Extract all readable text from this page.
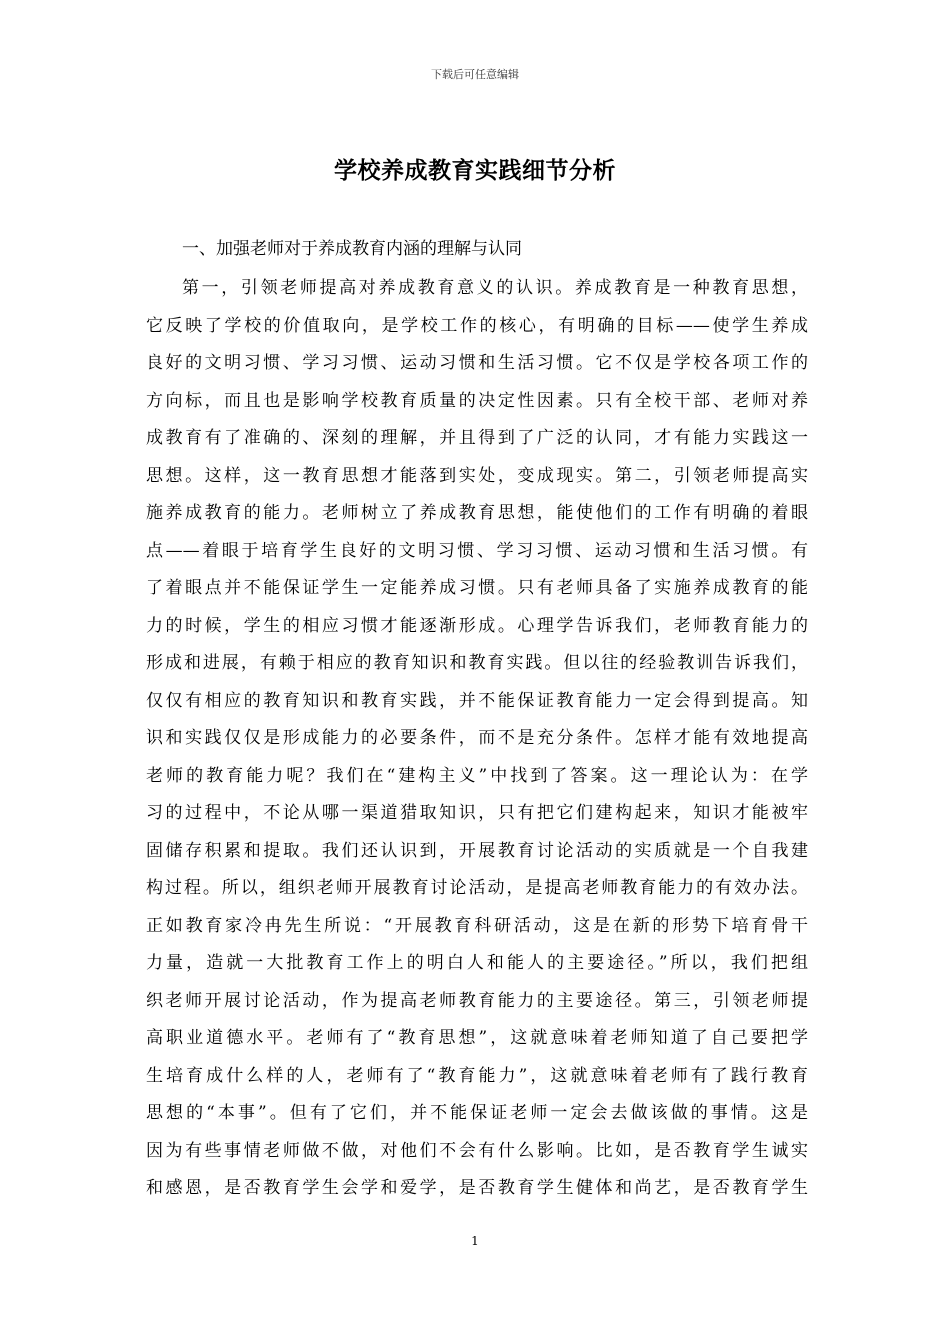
下载后可任意编辑
学校养成教育实践细节分析
一、加强老师对于养成教育内涵的理解与认同
第一，引领老师提高对养成教育意义的认识。养成教育是一种教育思想，
它反映了学校的价值取向，是学校工作的核心，有明确的目标——使学生养成
良好的文明习惯、学习习惯、运动习惯和生活习惯。它不仅是学校各项工作的
方向标，而且也是影响学校教育质量的决定性因素。只有全校干部、老师对养
成教育有了准确的、深刻的理解，并且得到了广泛的认同，才有能力实践这一
思想。这样，这一教育思想才能落到实处，变成现实。第二，引领老师提高实
施养成教育的能力。老师树立了养成教育思想，能使他们的工作有明确的着眼
点——着眼于培育学生良好的文明习惯、学习习惯、运动习惯和生活习惯。有
了着眼点并不能保证学生一定能养成习惯。只有老师具备了实施养成教育的能
力的时候，学生的相应习惯才能逐渐形成。心理学告诉我们，老师教育能力的
形成和进展，有赖于相应的教育知识和教育实践。但以往的经验教训告诉我们，
仅仅有相应的教育知识和教育实践，并不能保证教育能力一定会得到提高。知
识和实践仅仅是形成能力的必要条件，而不是充分条件。怎样才能有效地提高
老师的教育能力呢？我们在“建构主义”中找到了答案。这一理论认为：在学
习的过程中，不论从哪一渠道猎取知识，只有把它们建构起来，知识才能被牢
固储存积累和提取。我们还认识到，开展教育讨论活动的实质就是一个自我建
构过程。所以，组织老师开展教育讨论活动，是提高老师教育能力的有效办法。
正如教育家冷冉先生所说：“开展教育科研活动，这是在新的形势下培育骨干
力量，造就一大批教育工作上的明白人和能人的主要途径。”所以，我们把组
织老师开展讨论活动，作为提高老师教育能力的主要途径。第三，引领老师提
高职业道德水平。老师有了“教育思想”，这就意味着老师知道了自己要把学
生培育成什么样的人，老师有了“教育能力”，这就意味着老师有了践行教育
思想的“本事”。但有了它们，并不能保证老师一定会去做该做的事情。这是
因为有些事情老师做不做，对他们不会有什么影响。比如，是否教育学生诚实
和感恩，是否教育学生会学和爱学，是否教育学生健体和尚艺，是否教育学生
1
